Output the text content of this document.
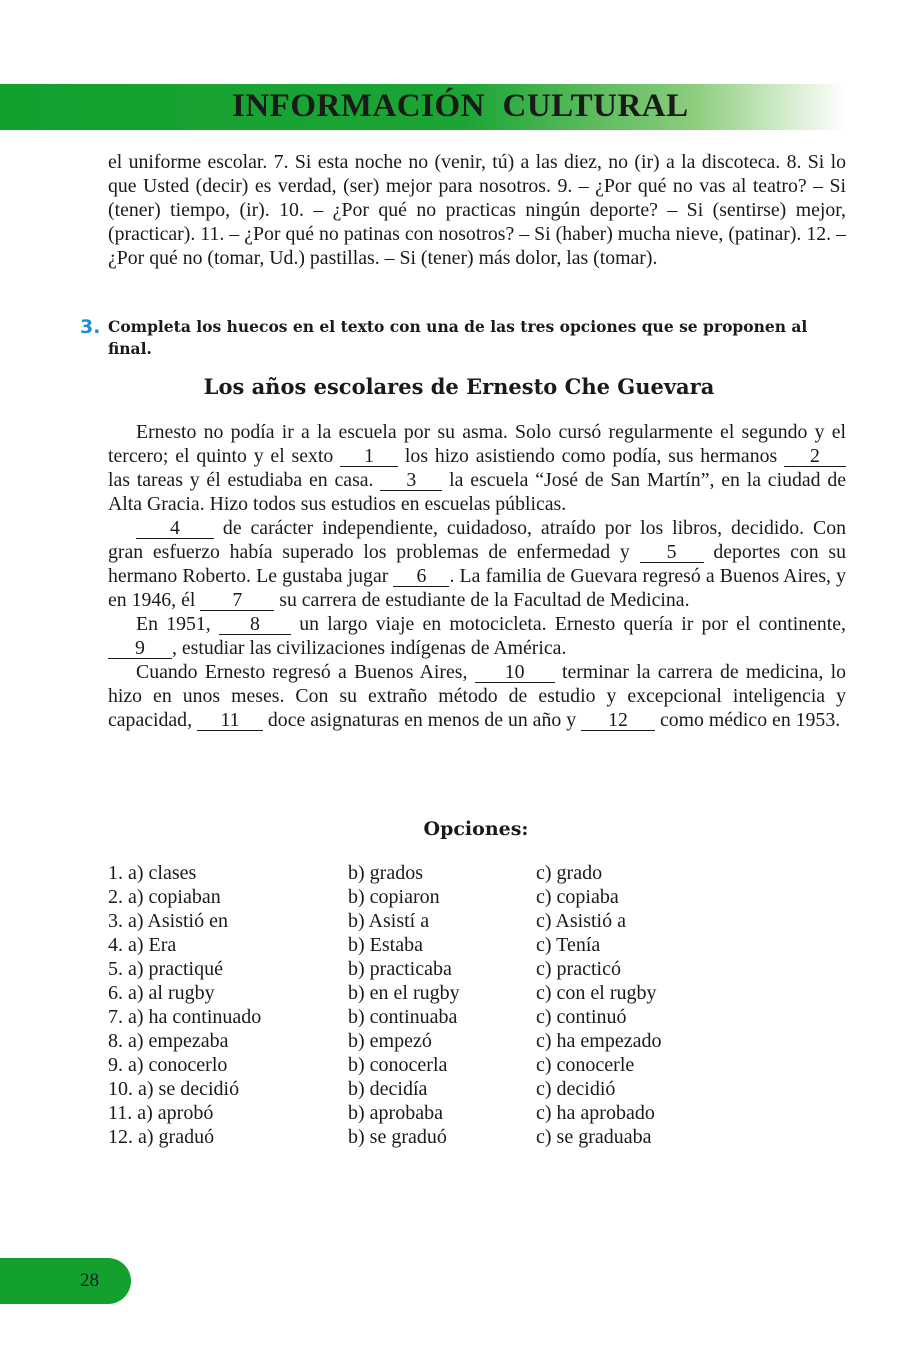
INFORMACIÓN  CULTURAL

el uniforme escolar. 7. Si esta noche no (venir, tú) a las diez, no (ir) a la discoteca. 8. Si lo que Usted (decir) es verdad, (ser) mejor para nosotros. 9. – ¿Por qué no vas al teatro? – Si (tener) tiempo, (ir). 10. – ¿Por qué no practicas ningún deporte? – Si (sentirse) mejor, (practicar). 11. – ¿Por qué no patinas con nosotros? – Si (haber) mucha nieve, (patinar). 12. – ¿Por qué no (tomar, Ud.) pastillas. – Si (tener) más dolor, las (tomar).

3. Completa los huecos en el texto con una de las tres opciones que se proponen al final.
Los años escolares de Ernesto Che Guevara

Ernesto no podía ir a la escuela por su asma. Solo cursó regularmente el segundo y el tercero; el quinto y el sexto 1 los hizo asistiendo como podía, sus hermanos 2 las tareas y él estudiaba en casa. 3 la escuela “José de San Martín”, en la ciudad de Alta Gracia. Hizo todos sus estudios en escuelas públicas.

4 de carácter independiente, cuidadoso, atraído por los libros, decidido. Con gran esfuerzo había superado los problemas de enfermedad y 5 deportes con su hermano Roberto. Le gustaba jugar 6 . La familia de Guevara regresó a Buenos Aires, y en 1946, él 7 su carrera de estudiante de la Facultad de Medicina.

En 1951, 8 un largo viaje en motocicleta. Ernesto quería ir por el continente, 9 , estudiar las civilizaciones indígenas de América.

Cuando Ernesto regresó a Buenos Aires, 10 terminar la carrera de medicina, lo hizo en unos meses. Con su extraño método de estudio y excepcional inteligencia y capacidad, 11 doce asignaturas en menos de un año y 12 como médico en 1953.

Opciones:
1. a) clases	b) grados	c) grado
2. a) copiaban	b) copiaron	c) copiaba
3. a) Asistió en	b) Asistí a	c) Asistió a
4. a) Era	b) Estaba	c) Tenía
5. a) practiqué	b) practicaba	c) practicó
6. a) al rugby	b) en el rugby	c) con el rugby
7. a) ha continuado	b) continuaba	c) continuó
8. a) empezaba	b) empezó	c) ha empezado
9. a) conocerlo	b) conocerla	c) conocerle
10. a) se decidió	b) decidía	c) decidió
11. a) aprobó	b) aprobaba	c) ha aprobado
12. a) graduó	b) se graduó	c) se graduaba
28
